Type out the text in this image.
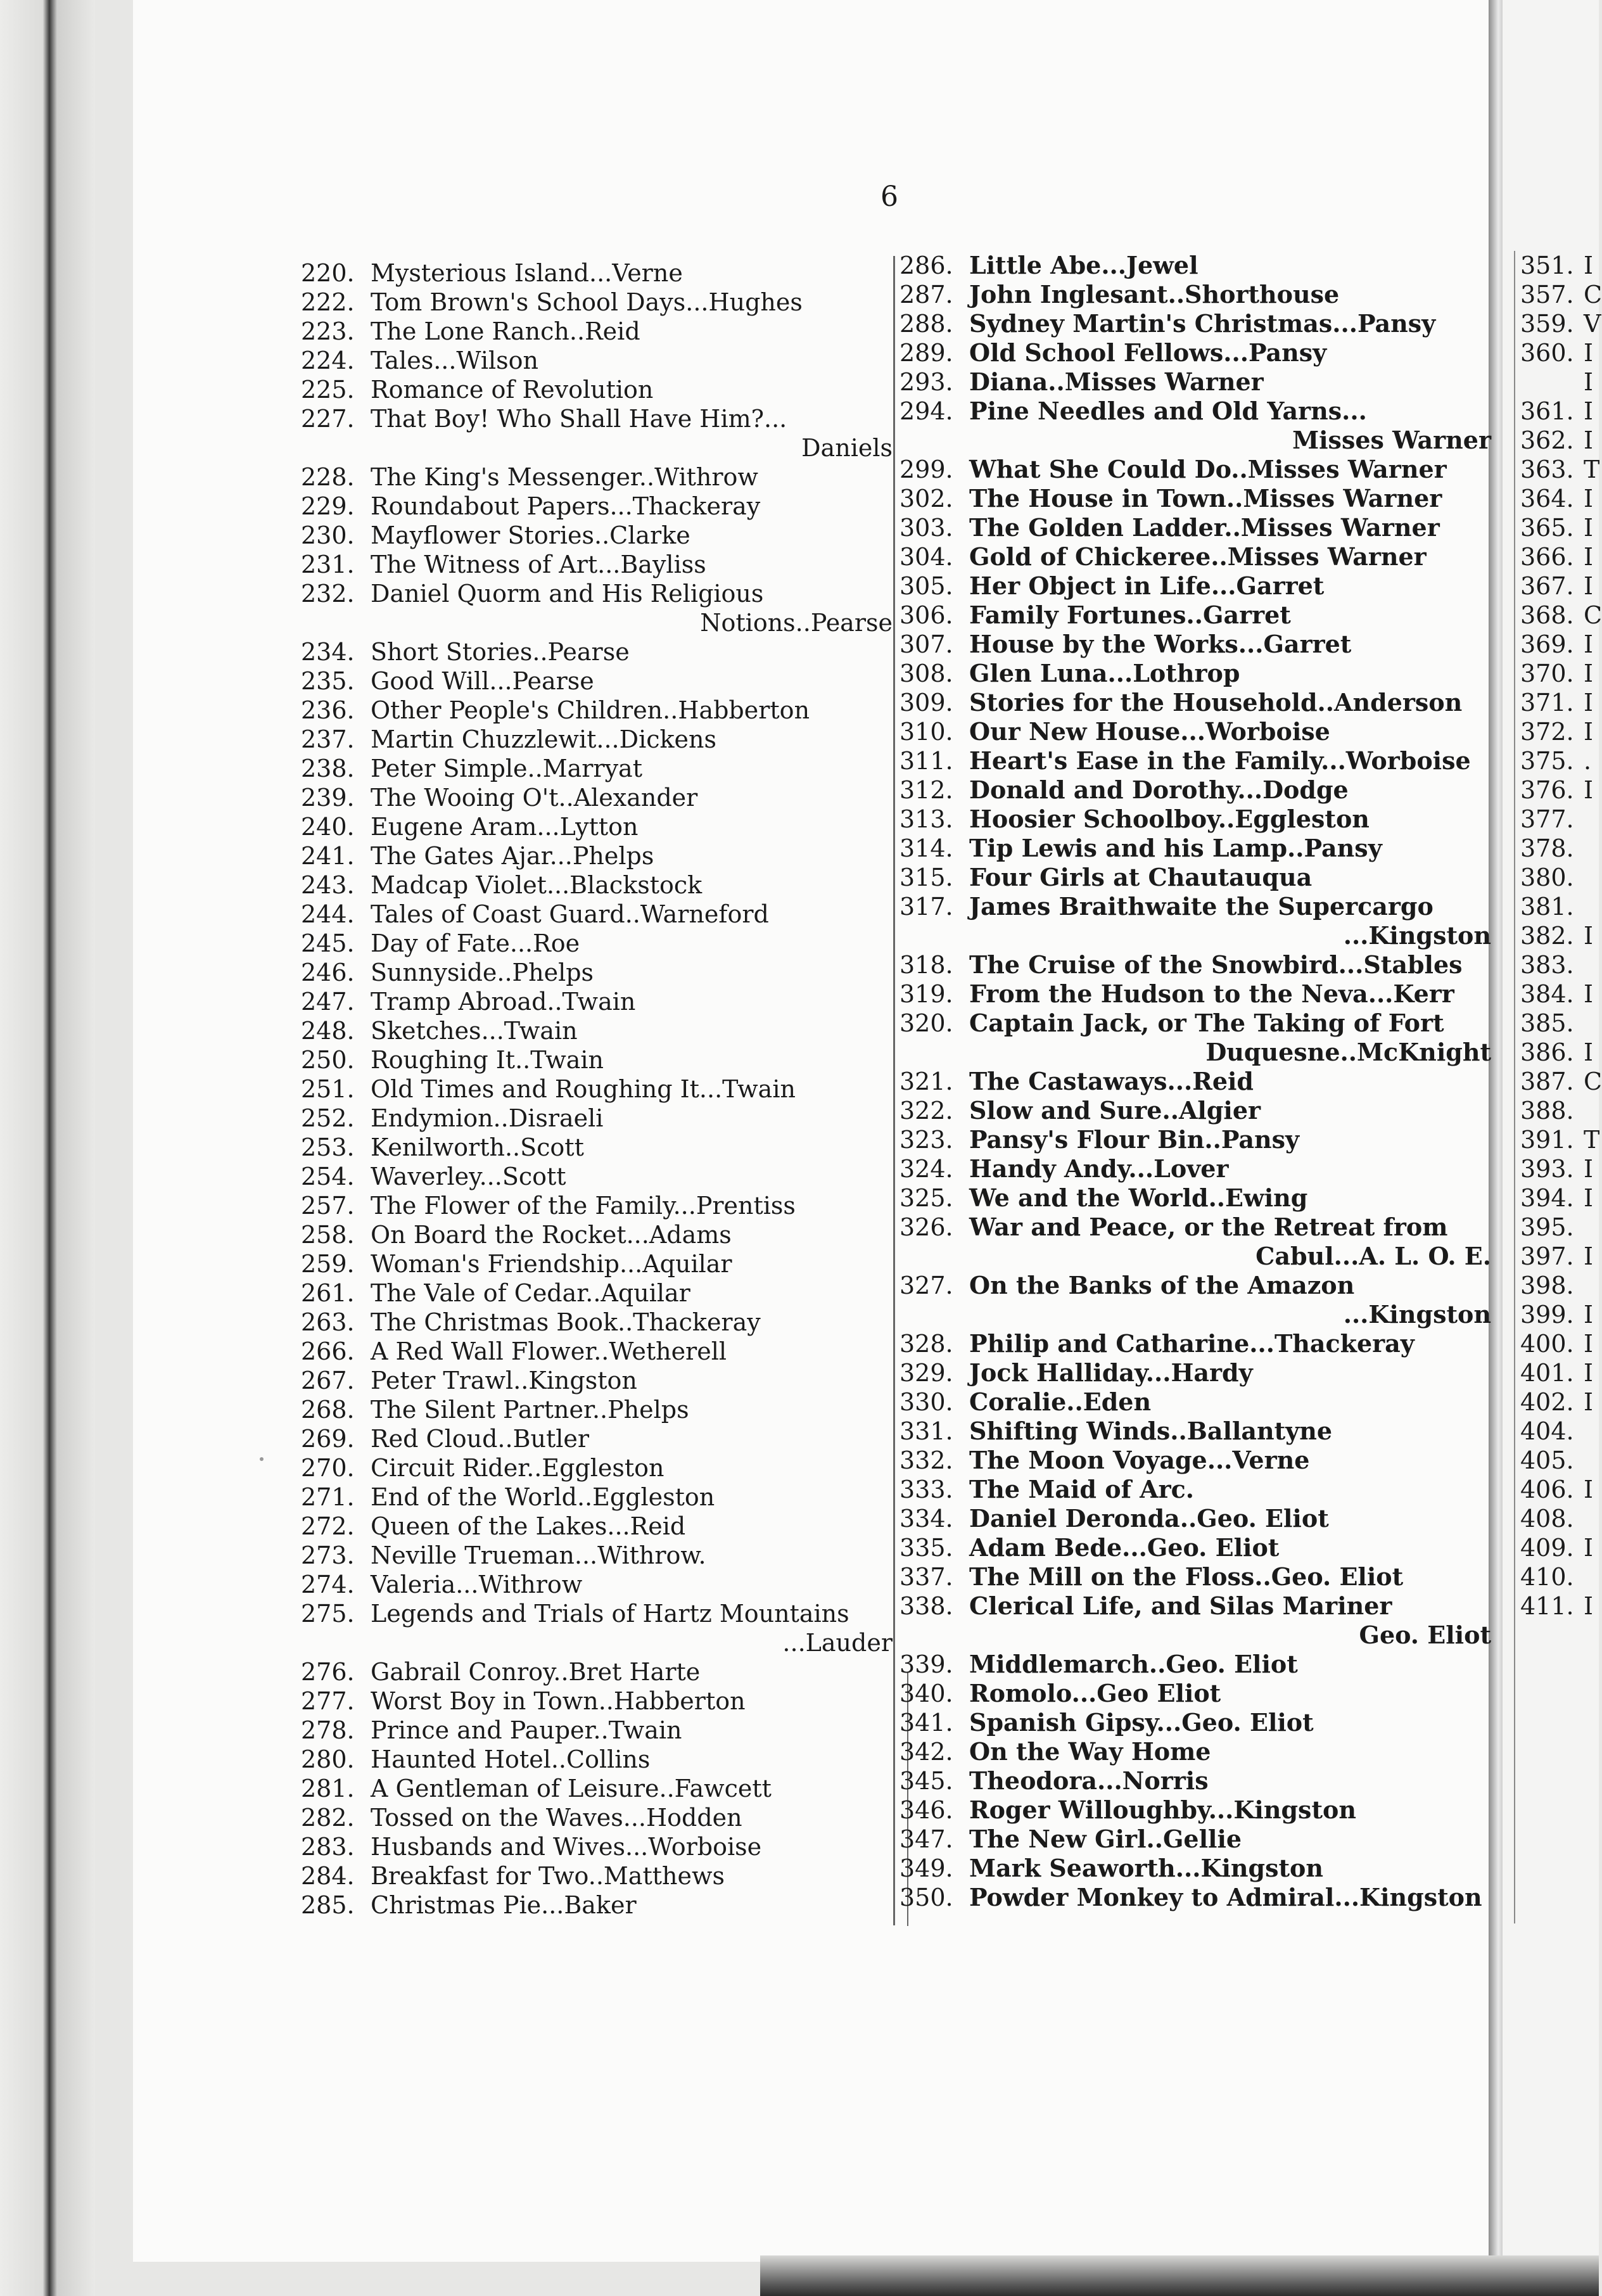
6
220. Mysterious Island...Verne
222. Tom Brown's School Days...Hughes
223. The Lone Ranch..Reid
224. Tales...Wilson
225. Romance of Revolution
227. That Boy! Who Shall Have Him?...
Daniels
228. The King's Messenger..Withrow
229. Roundabout Papers...Thackeray
230. Mayflower Stories..Clarke
231. The Witness of Art...Bayliss
232. Daniel Quorm and His Religious
Notions..Pearse
234. Short Stories..Pearse
235. Good Will...Pearse
236. Other People's Children..Habberton
237. Martin Chuzzlewit...Dickens
238. Peter Simple..Marryat
239. The Wooing O't..Alexander
240. Eugene Aram...Lytton
241. The Gates Ajar...Phelps
243. Madcap Violet...Blackstock
244. Tales of Coast Guard..Warneford
245. Day of Fate...Roe
246. Sunnyside..Phelps
247. Tramp Abroad..Twain
248. Sketches...Twain
250. Roughing It..Twain
251. Old Times and Roughing It...Twain
252. Endymion..Disraeli
253. Kenilworth..Scott
254. Waverley...Scott
257. The Flower of the Family...Prentiss
258. On Board the Rocket...Adams
259. Woman's Friendship...Aquilar
261. The Vale of Cedar..Aquilar
263. The Christmas Book..Thackeray
266. A Red Wall Flower..Wetherell
267. Peter Trawl..Kingston
268. The Silent Partner..Phelps
269. Red Cloud..Butler
270. Circuit Rider..Eggleston
271. End of the World..Eggleston
272. Queen of the Lakes...Reid
273. Neville Trueman...Withrow.
274. Valeria...Withrow
275. Legends and Trials of Hartz Mountains
...Lauder
276. Gabrail Conroy..Bret Harte
277. Worst Boy in Town..Habberton
278. Prince and Pauper..Twain
280. Haunted Hotel..Collins
281. A Gentleman of Leisure..Fawcett
282. Tossed on the Waves...Hodden
283. Husbands and Wives...Worboise
284. Breakfast for Two..Matthews
285. Christmas Pie...Baker
286. Little Abe...Jewel
287. John Inglesant..Shorthouse
288. Sydney Martin's Christmas...Pansy
289. Old School Fellows...Pansy
293. Diana..Misses Warner
294. Pine Needles and Old Yarns...
Misses Warner
299. What She Could Do..Misses Warner
302. The House in Town..Misses Warner
303. The Golden Ladder..Misses Warner
304. Gold of Chickeree..Misses Warner
305. Her Object in Life...Garret
306. Family Fortunes..Garret
307. House by the Works...Garret
308. Glen Luna...Lothrop
309. Stories for the Household..Anderson
310. Our New House...Worboise
311. Heart's Ease in the Family...Worboise
312. Donald and Dorothy...Dodge
313. Hoosier Schoolboy..Eggleston
314. Tip Lewis and his Lamp..Pansy
315. Four Girls at Chautauqua
317. James Braithwaite the Supercargo
...Kingston
318. The Cruise of the Snowbird...Stables
319. From the Hudson to the Neva...Kerr
320. Captain Jack, or The Taking of Fort
Duquesne..McKnight
321. The Castaways...Reid
322. Slow and Sure..Algier
323. Pansy's Flour Bin..Pansy
324. Handy Andy...Lover
325. We and the World..Ewing
326. War and Peace, or the Retreat from
Cabul...A. L. O. E.
327. On the Banks of the Amazon
...Kingston
328. Philip and Catharine...Thackeray
329. Jock Halliday...Hardy
330. Coralie..Eden
331. Shifting Winds..Ballantyne
332. The Moon Voyage...Verne
333. The Maid of Arc.
334. Daniel Deronda..Geo. Eliot
335. Adam Bede...Geo. Eliot
337. The Mill on the Floss..Geo. Eliot
338. Clerical Life, and Silas Mariner
Geo. Eliot
339. Middlemarch..Geo. Eliot
340. Romolo...Geo Eliot
341. Spanish Gipsy...Geo. Eliot
342. On the Way Home
345. Theodora...Norris
346. Roger Willoughby...Kingston
347. The New Girl..Gellie
349. Mark Seaworth...Kingston
350. Powder Monkey to Admiral...Kingston
351. I
357. C
359. V
360. I
I
361. I
362. I
363. T
364. I
365. I
366. I
367. I
368. C
369. I
370. I
371. I
372. I
375. .
376. I
377.
378.
380.
381.
382. I
383.
384. I
385.
386. I
387. C
388.
391. T
393. I
394. I
395.
397. I
398.
399. I
400. I
401. I
402. I
404.
405.
406. I
408.
409. I
410.
411. I
